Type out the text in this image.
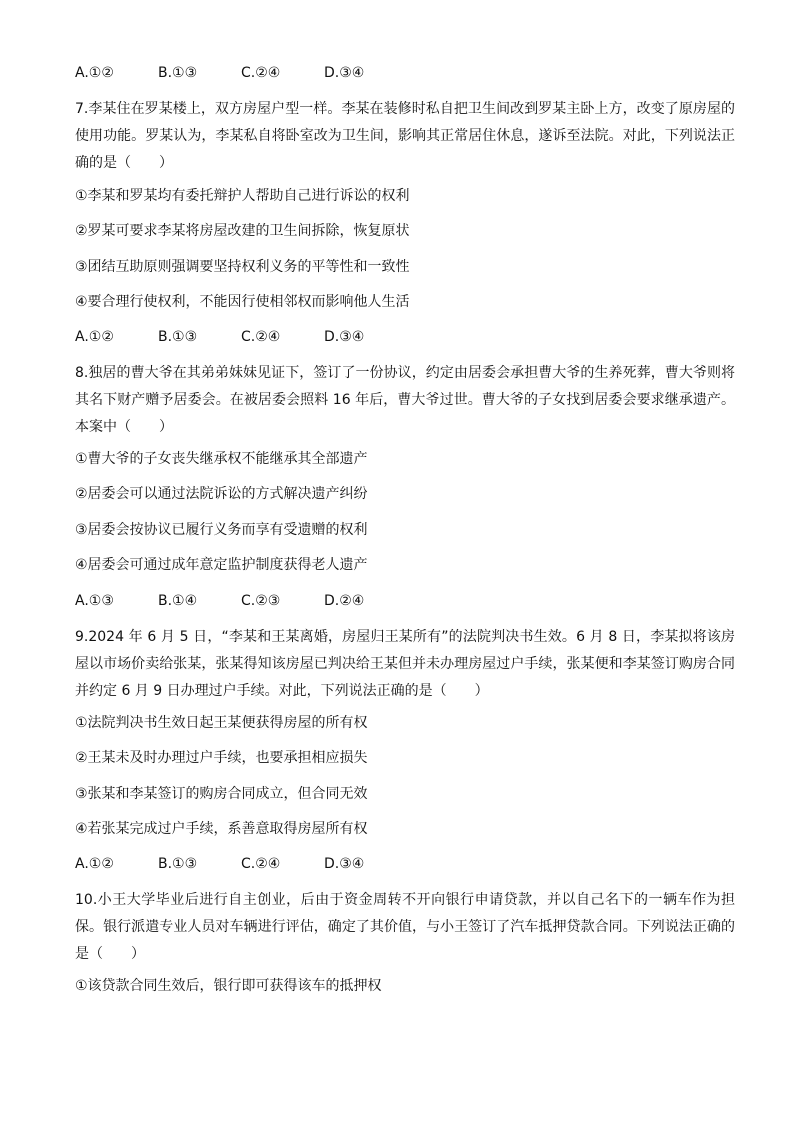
A.①②	B.①③	C.②④	D.③④
7.李某住在罗某楼上，双方房屋户型一样。李某在装修时私自把卫生间改到罗某主卧上方，改变了原房屋的使用功能。罗某认为，李某私自将卧室改为卫生间，影响其正常居住休息，遂诉至法院。对此，下列说法正确的是（　　）
①李某和罗某均有委托辩护人帮助自己进行诉讼的权利
②罗某可要求李某将房屋改建的卫生间拆除，恢复原状
③团结互助原则强调要坚持权利义务的平等性和一致性
④要合理行使权利，不能因行使相邻权而影响他人生活
A.①②	B.①③	C.②④	D.③④
8.独居的曹大爷在其弟弟妹妹见证下，签订了一份协议，约定由居委会承担曹大爷的生养死葬，曹大爷则将其名下财产赠予居委会。在被居委会照料 16 年后，曹大爷过世。曹大爷的子女找到居委会要求继承遗产。本案中（　　）
①曹大爷的子女丧失继承权不能继承其全部遗产
②居委会可以通过法院诉讼的方式解决遗产纠纷
③居委会按协议已履行义务而享有受遗赠的权利
④居委会可通过成年意定监护制度获得老人遗产
A.①③	B.①④	C.②③	D.②④
9.2024 年 6 月 5 日，“李某和王某离婚，房屋归王某所有”的法院判决书生效。6 月 8 日，李某拟将该房屋以市场价卖给张某，张某得知该房屋已判决给王某但并未办理房屋过户手续，张某便和李某签订购房合同并约定 6 月 9 日办理过户手续。对此，下列说法正确的是（　　）
①法院判决书生效日起王某便获得房屋的所有权
②王某未及时办理过户手续，也要承担相应损失
③张某和李某签订的购房合同成立，但合同无效
④若张某完成过户手续，系善意取得房屋所有权
A.①②	B.①③	C.②④	D.③④
10.小王大学毕业后进行自主创业，后由于资金周转不开向银行申请贷款，并以自己名下的一辆车作为担保。银行派遣专业人员对车辆进行评估，确定了其价值，与小王签订了汽车抵押贷款合同。下列说法正确的是（　　）
①该贷款合同生效后，银行即可获得该车的抵押权
